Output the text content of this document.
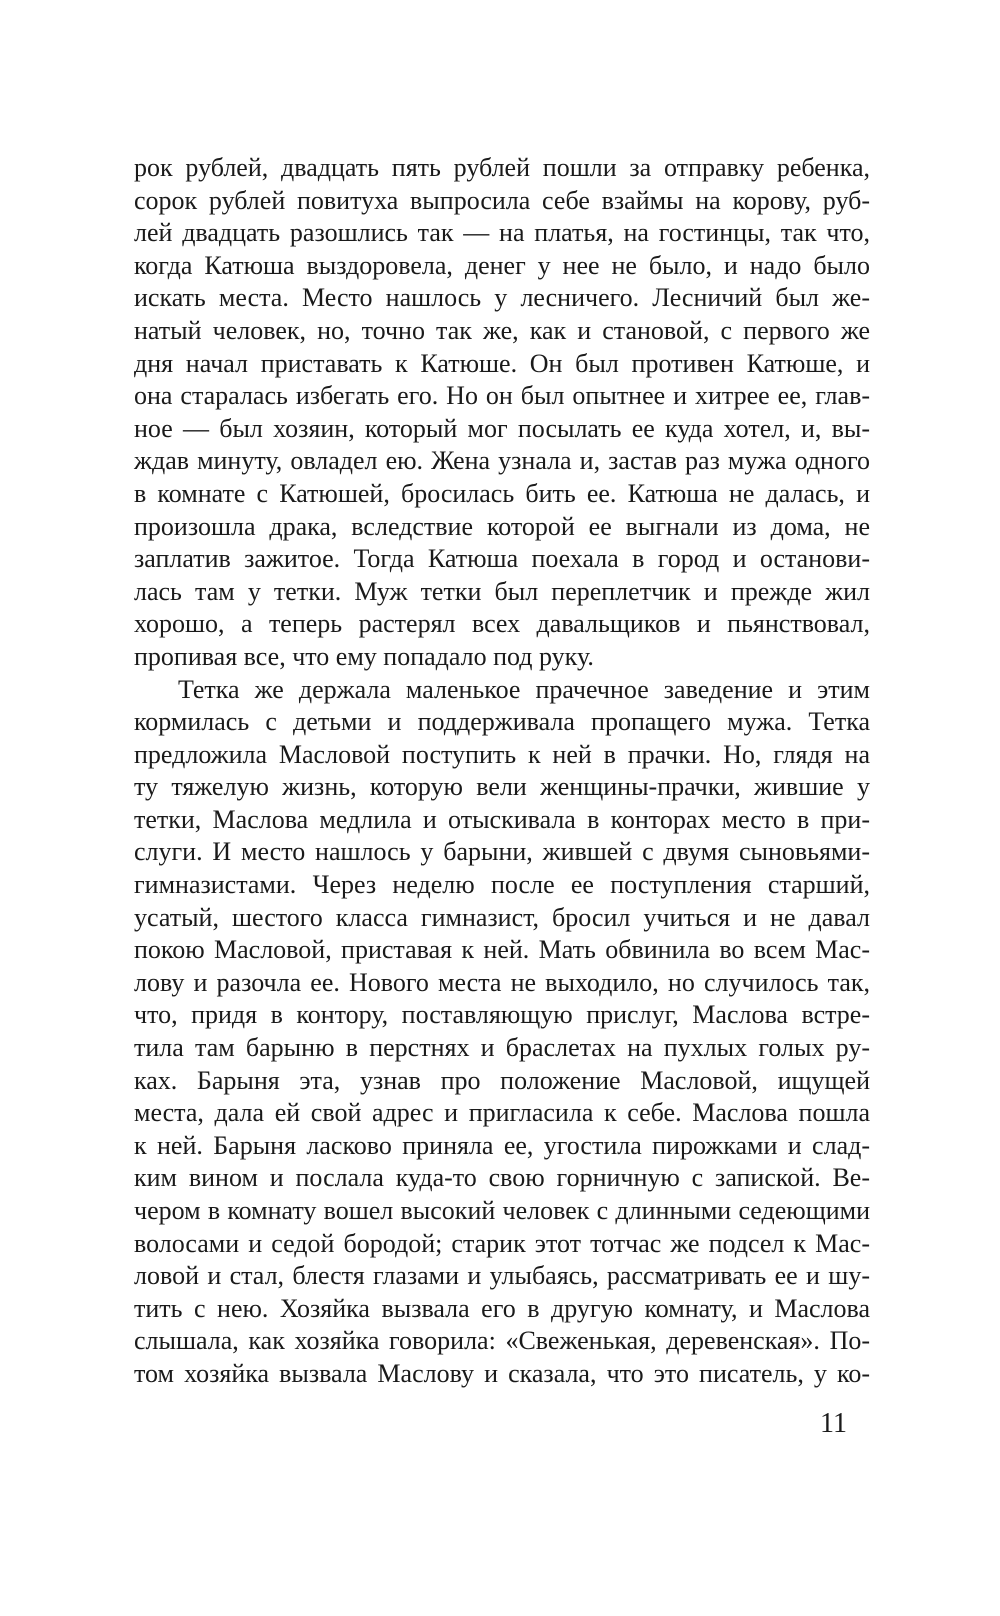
рок рублей, двадцать пять рублей пошли за отправку ребенка,
сорок рублей повитуха выпросила себе взаймы на корову, руб-
лей двадцать разошлись так — на платья, на гостинцы, так что,
когда Катюша выздоровела, денег у нее не было, и надо было
искать места. Место нашлось у лесничего. Лесничий был же-
натый человек, но, точно так же, как и становой, с первого же
дня начал приставать к Катюше. Он был противен Катюше, и
она старалась избегать его. Но он был опытнее и хитрее ее, глав-
ное — был хозяин, который мог посылать ее куда хотел, и, вы-
ждав минуту, овладел ею. Жена узнала и, застав раз мужа одного
в комнате с Катюшей, бросилась бить ее. Катюша не далась, и
произошла драка, вследствие которой ее выгнали из дома, не
заплатив зажитое. Тогда Катюша поехала в город и останови-
лась там у тетки. Муж тетки был переплетчик и прежде жил
хорошо, а теперь растерял всех давальщиков и пьянствовал,
пропивая все, что ему попадало под руку.
Тетка же держала маленькое прачечное заведение и этим
кормилась с детьми и поддерживала пропащего мужа. Тетка
предложила Масловой поступить к ней в прачки. Но, глядя на
ту тяжелую жизнь, которую вели женщины-прачки, жившие у
тетки, Маслова медлила и отыскивала в конторах место в при-
слуги. И место нашлось у барыни, жившей с двумя сыновьями-
гимназистами. Через неделю после ее поступления старший,
усатый, шестого класса гимназист, бросил учиться и не давал
покою Масловой, приставая к ней. Мать обвинила во всем Мас-
лову и разочла ее. Нового места не выходило, но случилось так,
что, придя в контору, поставляющую прислуг, Маслова встре-
тила там барыню в перстнях и браслетах на пухлых голых ру-
ках. Барыня эта, узнав про положение Масловой, ищущей
места, дала ей свой адрес и пригласила к себе. Маслова пошла
к ней. Барыня ласково приняла ее, угостила пирожками и слад-
ким вином и послала куда-то свою горничную с запиской. Ве-
чером в комнату вошел высокий человек с длинными седеющими
волосами и седой бородой; старик этот тотчас же подсел к Мас-
ловой и стал, блестя глазами и улыбаясь, рассматривать ее и шу-
тить с нею. Хозяйка вызвала его в другую комнату, и Маслова
слышала, как хозяйка говорила: «Свеженькая, деревенская». По-
том хозяйка вызвала Маслову и сказала, что это писатель, у ко-
11
